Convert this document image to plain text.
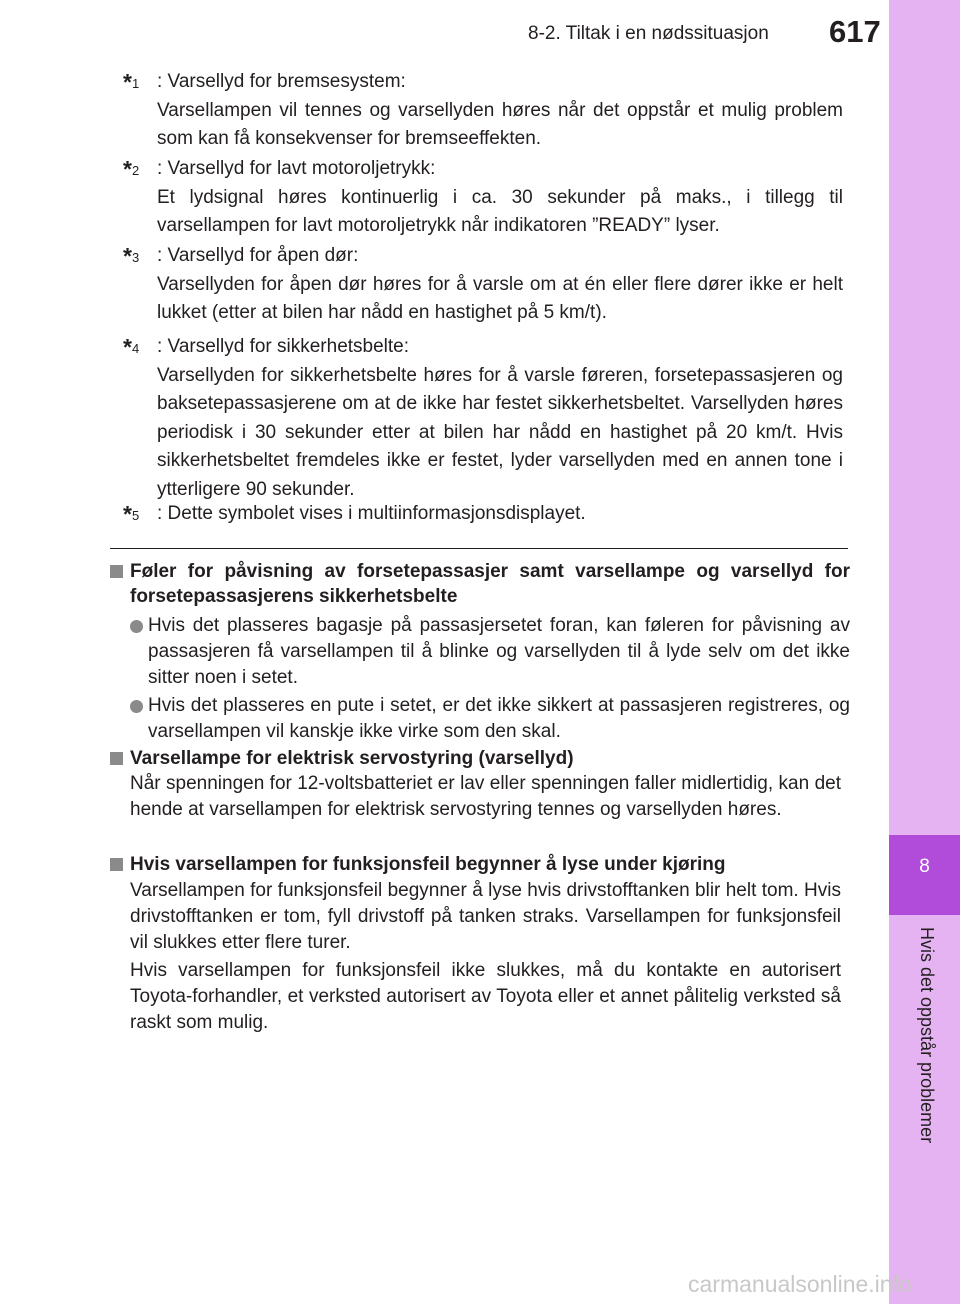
8
Hvis det oppstår problemer
8-2. Tiltak i en nødssituasjon 617
*$^1$ : Varsellyd for bremsesystem:
Varsellampen vil tennes og varsellyden høres når det oppstår et mulig problem som kan få konsekvenser for bremseeffekten.
*$^2$ : Varsellyd for lavt motoroljetrykk:
Et lydsignal høres kontinuerlig i ca. 30 sekunder på maks., i tillegg til varsellampen for lavt motoroljetrykk når indikatoren ”READY” lyser.
*$^3$ : Varsellyd for åpen dør:
Varsellyden for åpen dør høres for å varsle om at én eller flere dører ikke er helt lukket (etter at bilen har nådd en hastighet på 5 km/t).
*$^4$ : Varsellyd for sikkerhetsbelte:
Varsellyden for sikkerhetsbelte høres for å varsle føreren, forsetepassasjeren og baksetepassasjerene om at de ikke har festet sikkerhetsbeltet. Varsellyden høres periodisk i 30 sekunder etter at bilen har nådd en hastighet på 20 km/t. Hvis sikkerhetsbeltet fremdeles ikke er festet, lyder varsellyden med en annen tone i ytterligere 90 sekunder.
*$^5$ : Dette symbolet vises i multiinformasjonsdisplayet.
Føler for påvisning av forsetepassasjer samt varsellampe og varsellyd for forsetepassasjerens sikkerhetsbelte
Hvis det plasseres bagasje på passasjersetet foran, kan føleren for påvisning av passasjeren få varsellampen til å blinke og varsellyden til å lyde selv om det ikke sitter noen i setet.
Hvis det plasseres en pute i setet, er det ikke sikkert at passasjeren registreres, og varsellampen vil kanskje ikke virke som den skal.
Varsellampe for elektrisk servostyring (varsellyd)
Når spenningen for 12-voltsbatteriet er lav eller spenningen faller midlertidig, kan det hende at varsellampen for elektrisk servostyring tennes og varsellyden høres.
Hvis varsellampen for funksjonsfeil begynner å lyse under kjøring
Varsellampen for funksjonsfeil begynner å lyse hvis drivstofftanken blir helt tom. Hvis drivstofftanken er tom, fyll drivstoff på tanken straks. Varsellampen for funksjonsfeil vil slukkes etter flere turer.
Hvis varsellampen for funksjonsfeil ikke slukkes, må du kontakte en autorisert Toyota-forhandler, et verksted autorisert av Toyota eller et annet pålitelig verksted så raskt som mulig.
carmanualsonline.info
